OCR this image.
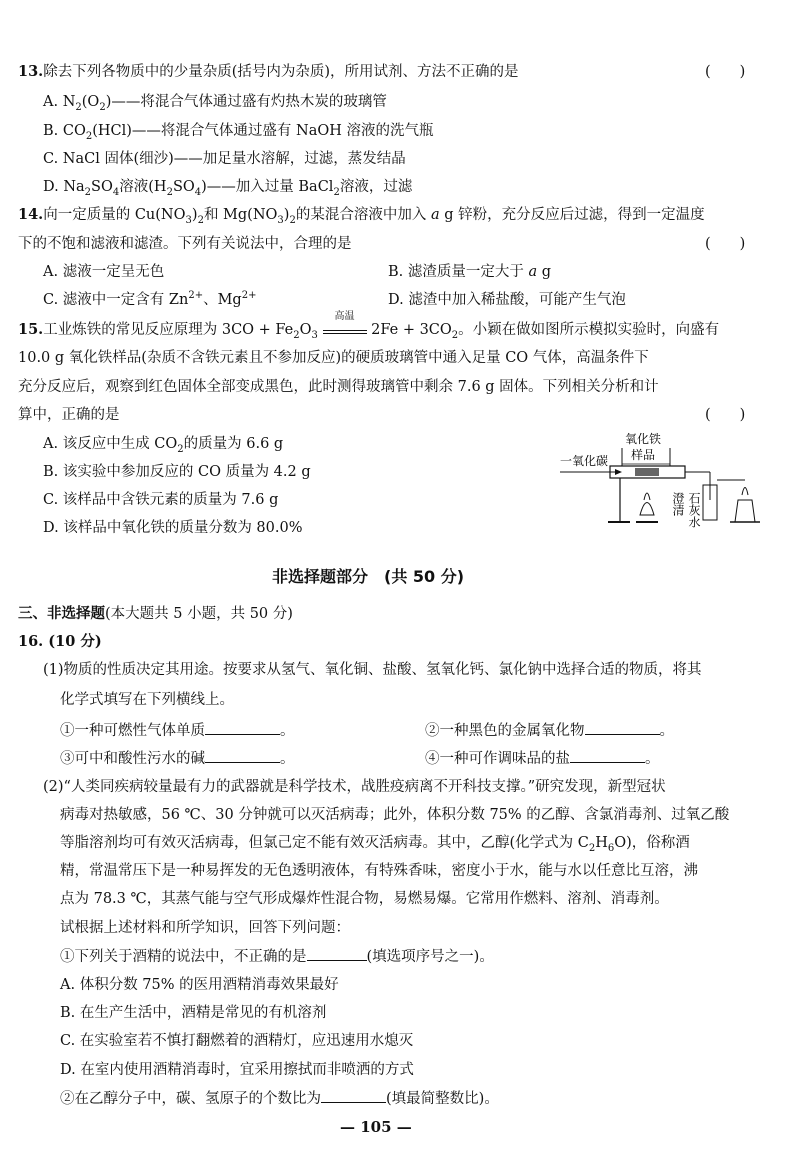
13.除去下列各物质中的少量杂质(括号内为杂质)，所用试剂、方法不正确的是	(　　)
A. $N_2(O_2)——$将混合气体通过盛有灼热木炭的玻璃管
B. $CO_2(HCl)——$将混合气体通过盛有 NaOH 溶液的洗气瓶
C. NaCl 固体(细沙)——加足量水溶解，过滤，蒸发结晶
D. $Na_2SO_4$溶液$(H_2SO_4)——$加入过量 BaCl$_2$溶液，过滤
14.向一定质量的 $Cu(NO_3)_2$和 $Mg(NO_3)_2$的某混合溶液中加入 a g 锌粉，充分反应后过滤，得到一定温度
下的不饱和滤液和滤渣。下列有关说法中，合理的是	(　　)
A. 滤液一定呈无色	B. 滤渣质量一定大于 a g
C. 滤液中一定含有 $Zn^{2+}$、$Mg^{2+}$	D. 滤渣中加入稀盐酸，可能产生气泡
15.工业炼铁的常见反应原理为 $3CO + Fe_2O_3$
高温
$2Fe + 3CO_2$。小颖在做如图所示模拟实验时，向盛有
10.0 g 氧化铁样品(杂质不含铁元素且不参加反应)的硬质玻璃管中通入足量 CO 气体，高温条件下
充分反应后，观察到红色固体全部变成黑色，此时测得玻璃管中剩余 7.6 g 固体。下列相关分析和计
算中，正确的是	(　　)
A. 该反应中生成 $CO_2$的质量为 6.6 g
B. 该实验中参加反应的 CO 质量为 4.2 g
C. 该样品中含铁元素的质量为 7.6 g
D. 该样品中氧化铁的质量分数为 80.0%
一氧化碳
氧化铁
样品
澄清 石灰水
非选择题部分　(共 50 分)
三、非选择题(本大题共 5 小题，共 50 分)
16. (10 分)
(1)物质的性质决定其用途。按要求从氢气、氧化铜、盐酸、氢氧化钙、氯化钠中选择合适的物质，将其
化学式填写在下列横线上。
①一种可燃性气体单质	。	②一种黑色的金属氧化物	。
③可中和酸性污水的碱	。	④一种可作调味品的盐	。
(2)“人类同疾病较量最有力的武器就是科学技术，战胜疫病离不开科技支撑。”研究发现，新型冠状
病毒对热敏感，56 ℃、30 分钟就可以灭活病毒；此外，体积分数 75% 的乙醇、含氯消毒剂、过氧乙酸
等脂溶剂均可有效灭活病毒，但氯己定不能有效灭活病毒。其中，乙醇(化学式为 $C_2H_6O$)，俗称酒
精，常温常压下是一种易挥发的无色透明液体，有特殊香味，密度小于水，能与水以任意比互溶，沸
点为 78.3 ℃，其蒸气能与空气形成爆炸性混合物，易燃易爆。它常用作燃料、溶剂、消毒剂。
试根据上述材料和所学知识，回答下列问题：
①下列关于酒精的说法中，不正确的是	(填选项序号之一)。
A. 体积分数 75% 的医用酒精消毒效果最好
B. 在生产生活中，酒精是常见的有机溶剂
C. 在实验室若不慎打翻燃着的酒精灯，应迅速用水熄灭
D. 在室内使用酒精消毒时，宜采用擦拭而非喷洒的方式
②在乙醇分子中，碳、氢原子的个数比为	(填最简整数比)。
— 105 —
